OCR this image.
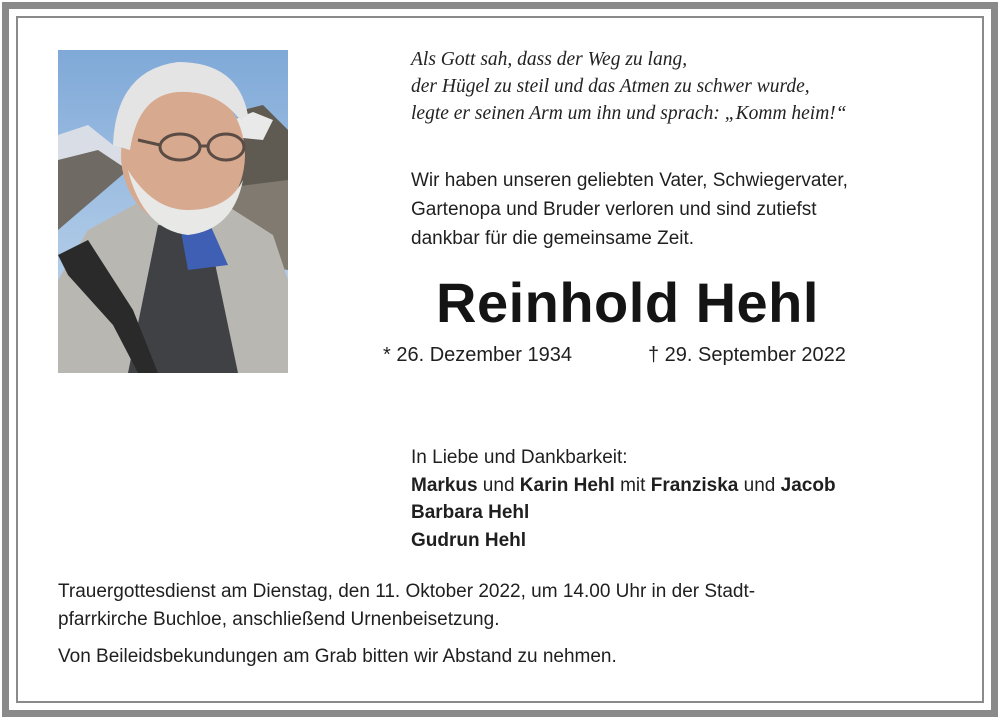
Als Gott sah, dass der Weg zu lang,
der Hügel zu steil und das Atmen zu schwer wurde,
legte er seinen Arm um ihn und sprach: „Komm heim!“
Wir haben unseren geliebten Vater, Schwiegervater,
Gartenopa und Bruder verloren und sind zutiefst
dankbar für die gemeinsame Zeit.
Reinhold Hehl
* 26. Dezember 1934	† 29. September 2022
In Liebe und Dankbarkeit:
Markus und Karin Hehl mit Franziska und Jacob
Barbara Hehl
Gudrun Hehl
Trauergottesdienst am Dienstag, den 11. Oktober 2022, um 14.00 Uhr in der Stadt-
pfarrkirche Buchloe, anschließend Urnenbeisetzung.
Von Beileidsbekundungen am Grab bitten wir Abstand zu nehmen.
